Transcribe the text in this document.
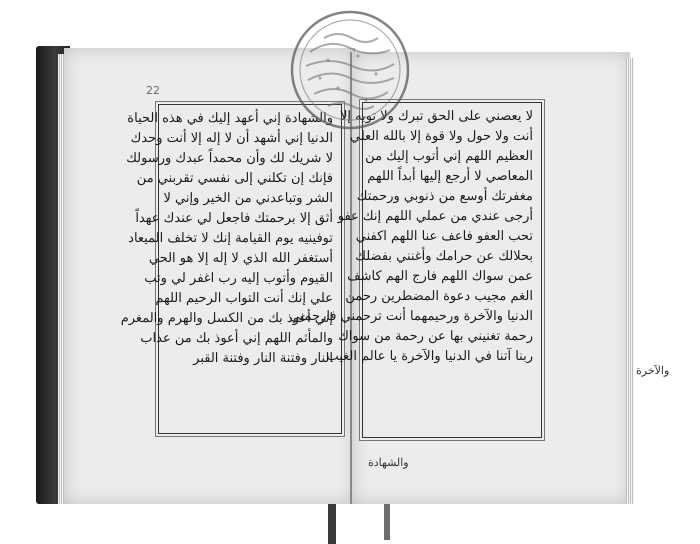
22
والشهادة إني أعهد إليك في هذه الحياة
الدنيا إني أشهد أن لا إله إلا أنت وحدك
لا شريك لك وأن محمداً عبدك ورسولك
فإنك إن تكلني إلى نفسي تقربني من
الشر وتباعدني من الخير وإني لا
أثق إلا برحمتك فاجعل لي عندك عهداً
توفينيه يوم القيامة إنك لا تخلف الميعاد
أستغفر الله الذي لا إله إلا هو الحي
القيوم وأتوب إليه رب اغفر لي وتب
علي إنك أنت التواب الرحيم اللهم
إني أعوذ بك من الكسل والهرم والمغرم
والمأثم اللهم إني أعوذ بك من عذاب
النار وفتنة النار وفتنة القبر
لا يعصني على الحق تبرك ولا توبه إلا
أنت ولا حول ولا قوة إلا بالله العلي
العظيم اللهم إني أتوب إليك من
المعاصي لا أرجع إليها أبداً اللهم
مغفرتك أوسع من ذنوبي ورحمتك
أرجى عندي من عملي اللهم إنك عفو
تحب العفو فاعف عنا اللهم اكفني
بحلالك عن حرامك وأغنني بفضلك
عمن سواك اللهم فارج الهم كاشف
الغم مجيب دعوة المضطرين رحمن
الدنيا والآخرة ورحيمهما أنت ترحمني فارحمني
رحمة تغنيني بها عن رحمة من سواك
ربنا آتنا في الدنيا والآخرة يا عالم الغيب
والشهادة
والآخرة
